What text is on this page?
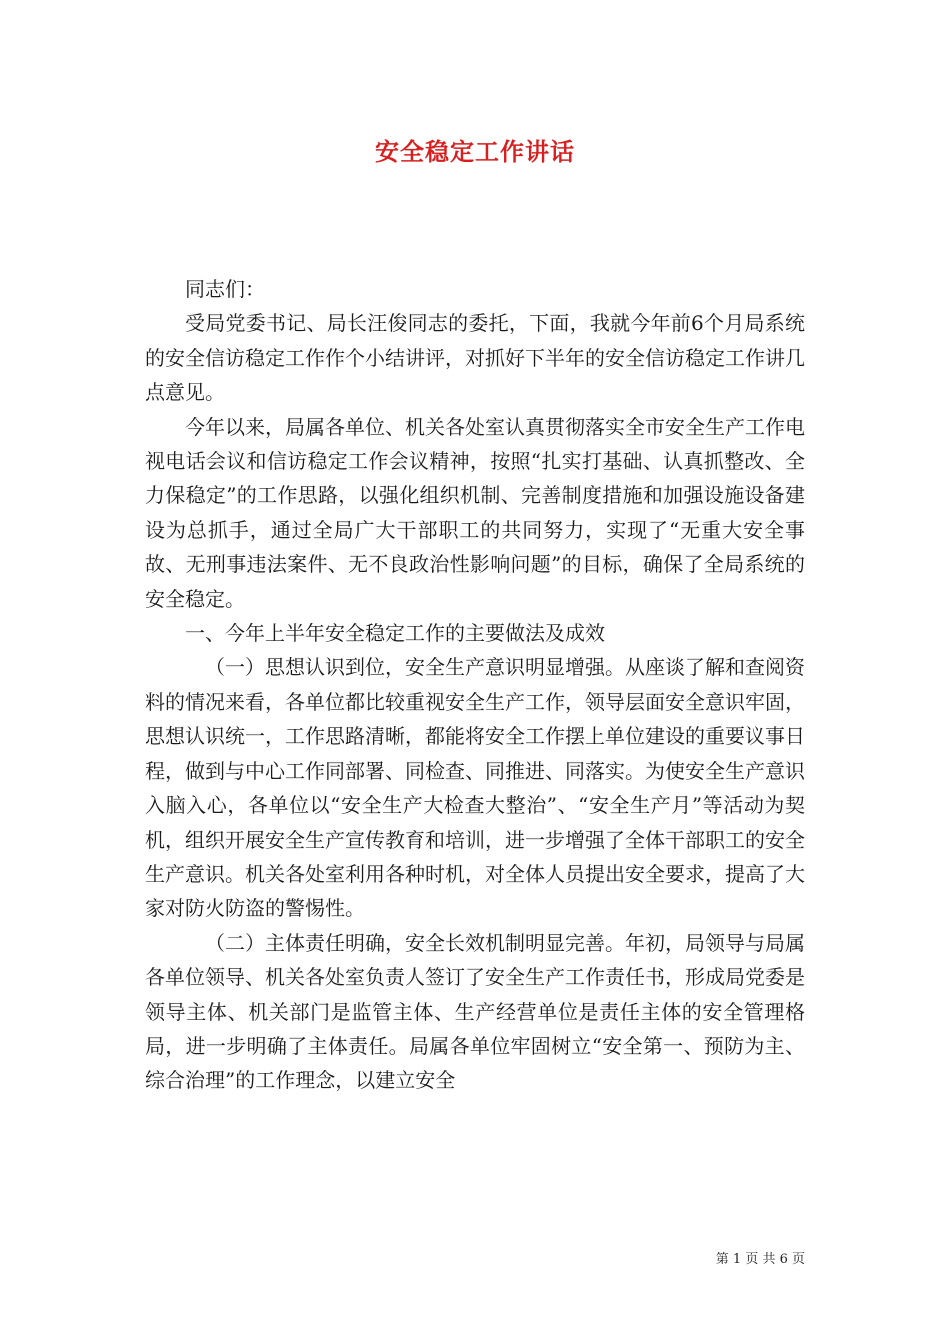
安全稳定工作讲话

同志们：

受局党委书记、局长汪俊同志的委托，下面，我就今年前6个月局系统的安全信访稳定工作作个小结讲评，对抓好下半年的安全信访稳定工作讲几点意见。

今年以来，局属各单位、机关各处室认真贯彻落实全市安全生产工作电视电话会议和信访稳定工作会议精神，按照“扎实打基础、认真抓整改、全力保稳定”的工作思路，以强化组织机制、完善制度措施和加强设施设备建设为总抓手，通过全局广大干部职工的共同努力，实现了“无重大安全事故、无刑事违法案件、无不良政治性影响问题”的目标，确保了全局系统的安全稳定。

一、今年上半年安全稳定工作的主要做法及成效

（一）思想认识到位，安全生产意识明显增强。从座谈了解和查阅资料的情况来看，各单位都比较重视安全生产工作，领导层面安全意识牢固，思想认识统一，工作思路清晰，都能将安全工作摆上单位建设的重要议事日程，做到与中心工作同部署、同检查、同推进、同落实。为使安全生产意识入脑入心，各单位以“安全生产大检查大整治”、“安全生产月”等活动为契机，组织开展安全生产宣传教育和培训，进一步增强了全体干部职工的安全生产意识。机关各处室利用各种时机，对全体人员提出安全要求，提高了大家对防火防盗的警惕性。

（二）主体责任明确，安全长效机制明显完善。年初，局领导与局属各单位领导、机关各处室负责人签订了安全生产工作责任书，形成局党委是领导主体、机关部门是监管主体、生产经营单位是责任主体的安全管理格局，进一步明确了主体责任。局属各单位牢固树立“安全第一、预防为主、综合治理”的工作理念，以建立安全

第 1 页 共 6 页
